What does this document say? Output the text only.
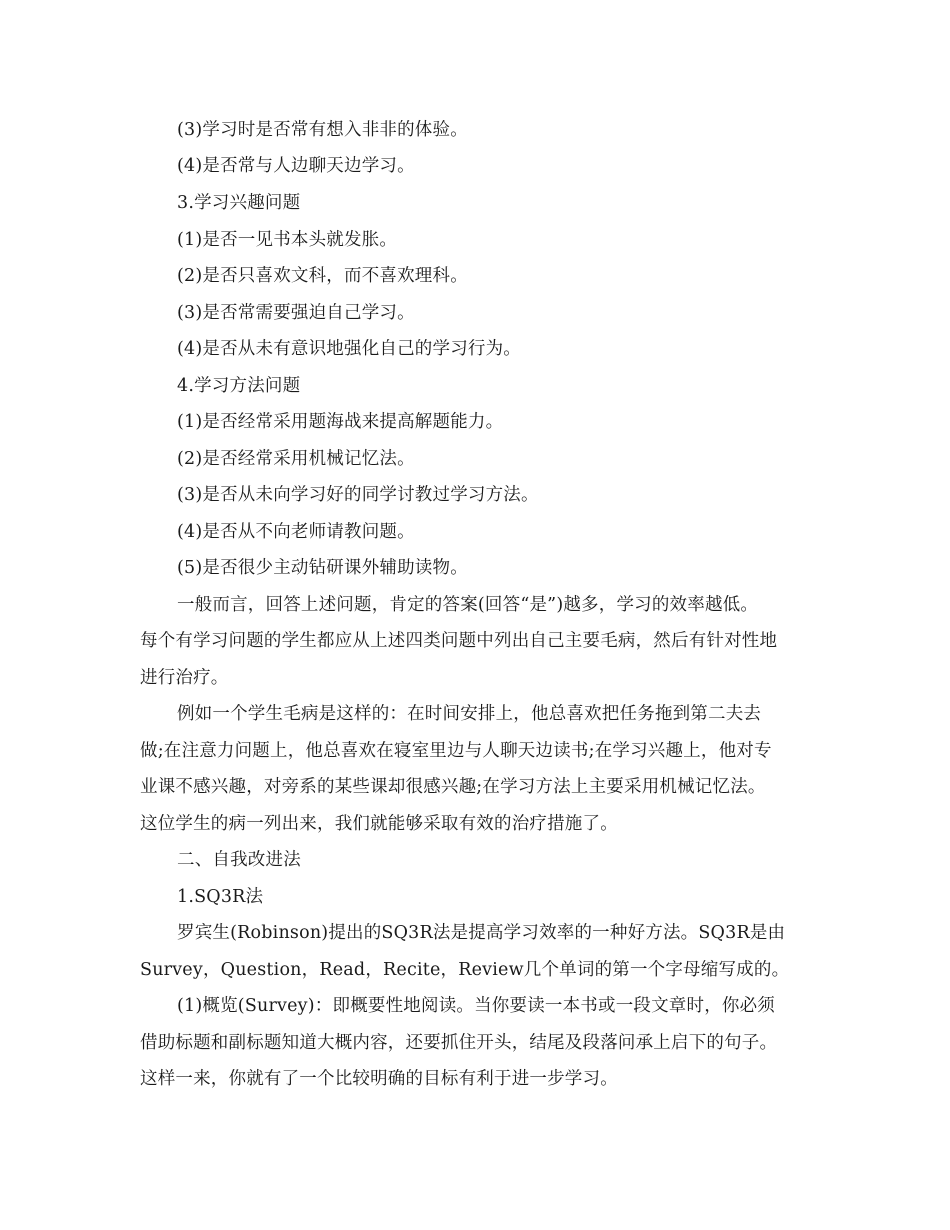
(3)学习时是否常有想入非非的体验。
(4)是否常与人边聊天边学习。
3.学习兴趣问题
(1)是否一见书本头就发胀。
(2)是否只喜欢文科，而不喜欢理科。
(3)是否常需要强迫自己学习。
(4)是否从未有意识地强化自己的学习行为。
4.学习方法问题
(1)是否经常采用题海战来提高解题能力。
(2)是否经常采用机械记忆法。
(3)是否从未向学习好的同学讨教过学习方法。
(4)是否从不向老师请教问题。
(5)是否很少主动钻研课外辅助读物。
一般而言，回答上述问题，肯定的答案(回答“是”)越多，学习的效率越低。
每个有学习问题的学生都应从上述四类问题中列出自己主要毛病，然后有针对性地
进行治疗。
例如一个学生毛病是这样的：在时间安排上，他总喜欢把任务拖到第二夫去
做;在注意力问题上，他总喜欢在寝室里边与人聊天边读书;在学习兴趣上，他对专
业课不感兴趣，对旁系的某些课却很感兴趣;在学习方法上主要采用机械记忆法。
这位学生的病一列出来，我们就能够采取有效的治疗措施了。
二、自我改进法
1.SQ3R法
罗宾生(Robinson)提出的SQ3R法是提高学习效率的一种好方法。SQ3R是由
Survey，Question，Read，Recite，Review几个单词的第一个字母缩写成的。
(1)概览(Survey)：即概要性地阅读。当你要读一本书或一段文章时，你必须
借助标题和副标题知道大概内容，还要抓住开头，结尾及段落问承上启下的句子。
这样一来，你就有了一个比较明确的目标有利于进一步学习。
